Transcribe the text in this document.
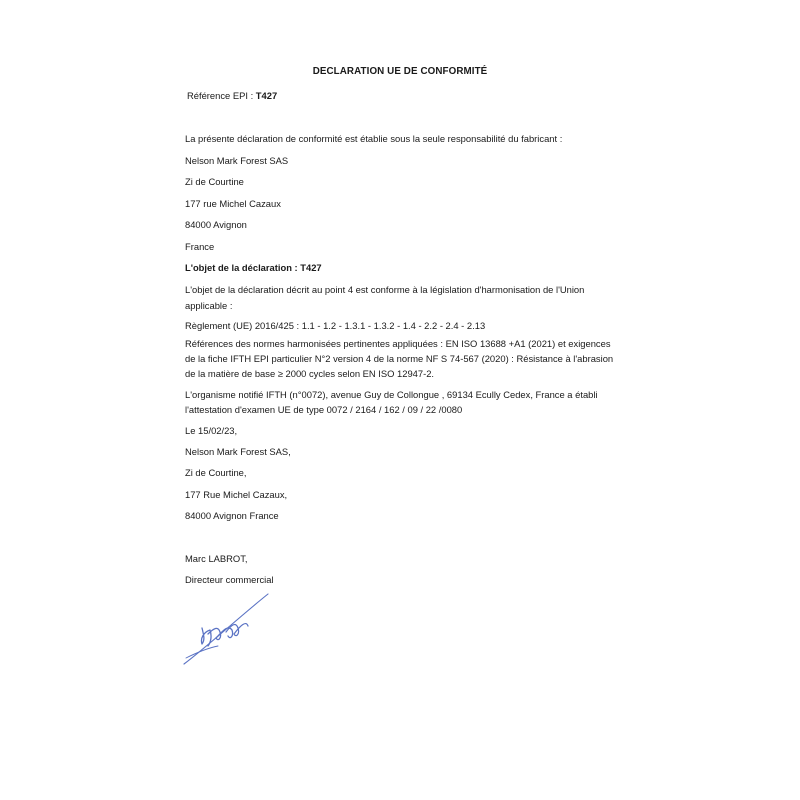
DECLARATION UE DE CONFORMITÉ
Référence EPI : T427
La présente déclaration de conformité est établie sous la seule responsabilité du fabricant :
Nelson Mark Forest SAS
Zi de Courtine
177 rue Michel Cazaux
84000 Avignon
France
L'objet de la déclaration : T427
L'objet de la déclaration décrit au point 4 est conforme à la législation d'harmonisation de l'Union applicable :
Règlement (UE) 2016/425 : 1.1 - 1.2 - 1.3.1 - 1.3.2 - 1.4 - 2.2 - 2.4 - 2.13
Références des normes harmonisées pertinentes appliquées : EN ISO 13688 +A1 (2021) et exigences
de la fiche IFTH EPI particulier N°2 version 4 de la norme NF S 74-567 (2020) : Résistance à l'abrasion
de la matière de base ≥ 2000 cycles selon EN ISO 12947-2.
L'organisme notifié IFTH (n°0072), avenue Guy de Collongue , 69134 Ecully Cedex, France a établi
l'attestation d'examen UE de type 0072 / 2164 / 162 / 09 / 22 /0080
Le 15/02/23,
Nelson Mark Forest SAS,
Zi de Courtine,
177 Rue Michel Cazaux,
84000 Avignon France
Marc LABROT,
Directeur commercial
